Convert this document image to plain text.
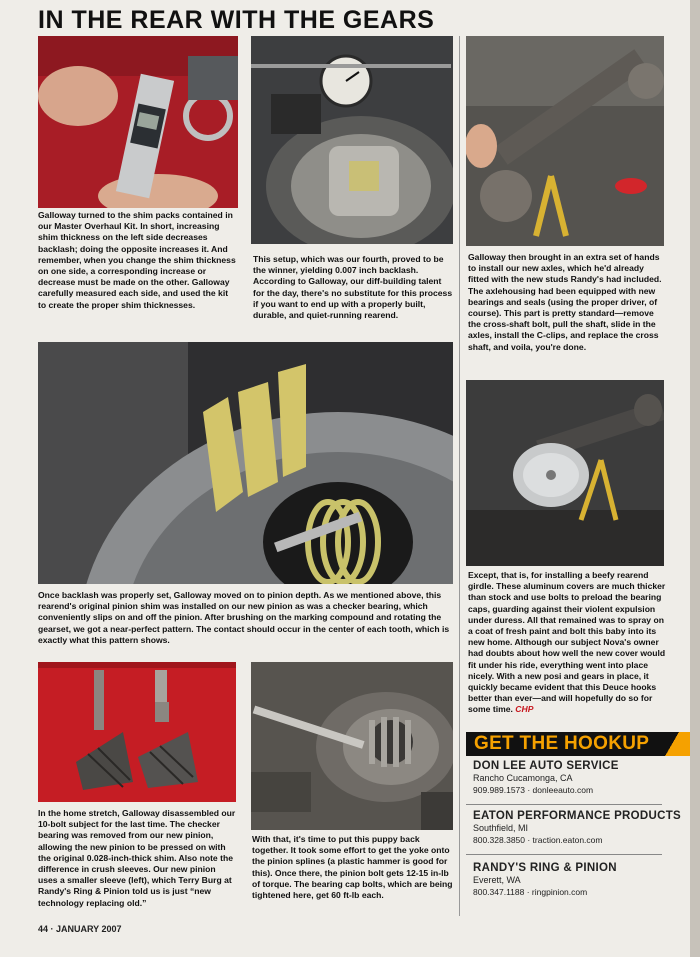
IN THE REAR WITH THE GEARS
Galloway turned to the shim packs contained in our Master Overhaul Kit. In short, increasing shim thickness on the left side decreases backlash; doing the opposite increases it. And remember, when you change the shim thickness on one side, a corresponding increase or decrease must be made on the other. Galloway carefully measured each side, and used the kit to create the proper shim thicknesses.
This setup, which was our fourth, proved to be the winner, yielding 0.007 inch backlash. According to Galloway, our diff-building talent for the day, there's no substitute for this process if you want to end up with a properly built, durable, and quiet-running rearend.
Galloway then brought in an extra set of hands to install our new axles, which he'd already fitted with the new studs Randy's had included. The axlehousing had been equipped with new bearings and seals (using the proper driver, of course). This part is pretty standard—remove the cross-shaft bolt, pull the shaft, slide in the axles, install the C-clips, and replace the cross shaft, and voila, you're done.
Once backlash was properly set, Galloway moved on to pinion depth. As we mentioned above, this rearend's original pinion shim was installed on our new pinion as was a checker bearing, which conveniently slips on and off the pinion. After brushing on the marking compound and rotating the gearset, we got a near-perfect pattern. The contact should occur in the center of each tooth, which is exactly what this pattern shows.
Except, that is, for installing a beefy rearend girdle. These aluminum covers are much thicker than stock and use bolts to preload the bearing caps, guarding against their violent expulsion under duress. All that remained was to spray on a coat of fresh paint and bolt this baby into its new home. Although our subject Nova's owner had doubts about how well the new cover would fit under his ride, everything went into place nicely. With a new posi and gears in place, it quickly became evident that this Deuce hooks better than ever—and will hopefully do so for some time. CHP
In the home stretch, Galloway disassembled our 10-bolt subject for the last time. The checker bearing was removed from our new pinion, allowing the new pinion to be pressed on with the original 0.028-inch-thick shim. Also note the difference in crush sleeves. Our new pinion uses a smaller sleeve (left), which Terry Burg at Randy's Ring & Pinion told us is just “new technology replacing old.”
With that, it's time to put this puppy back together. It took some effort to get the yoke onto the pinion splines (a plastic hammer is good for this). Once there, the pinion bolt gets 12-15 in-lb of torque. The bearing cap bolts, which are being tightened here, get 60 ft-lb each.
GET THE HOOKUP
DON LEE AUTO SERVICE
Rancho Cucamonga, CA
909.989.1573 · donleeauto.com
EATON PERFORMANCE PRODUCTS
Southfield, MI
800.328.3850 · traction.eaton.com
RANDY'S RING & PINION
Everett, WA
800.347.1188 · ringpinion.com
44 · JANUARY 2007
